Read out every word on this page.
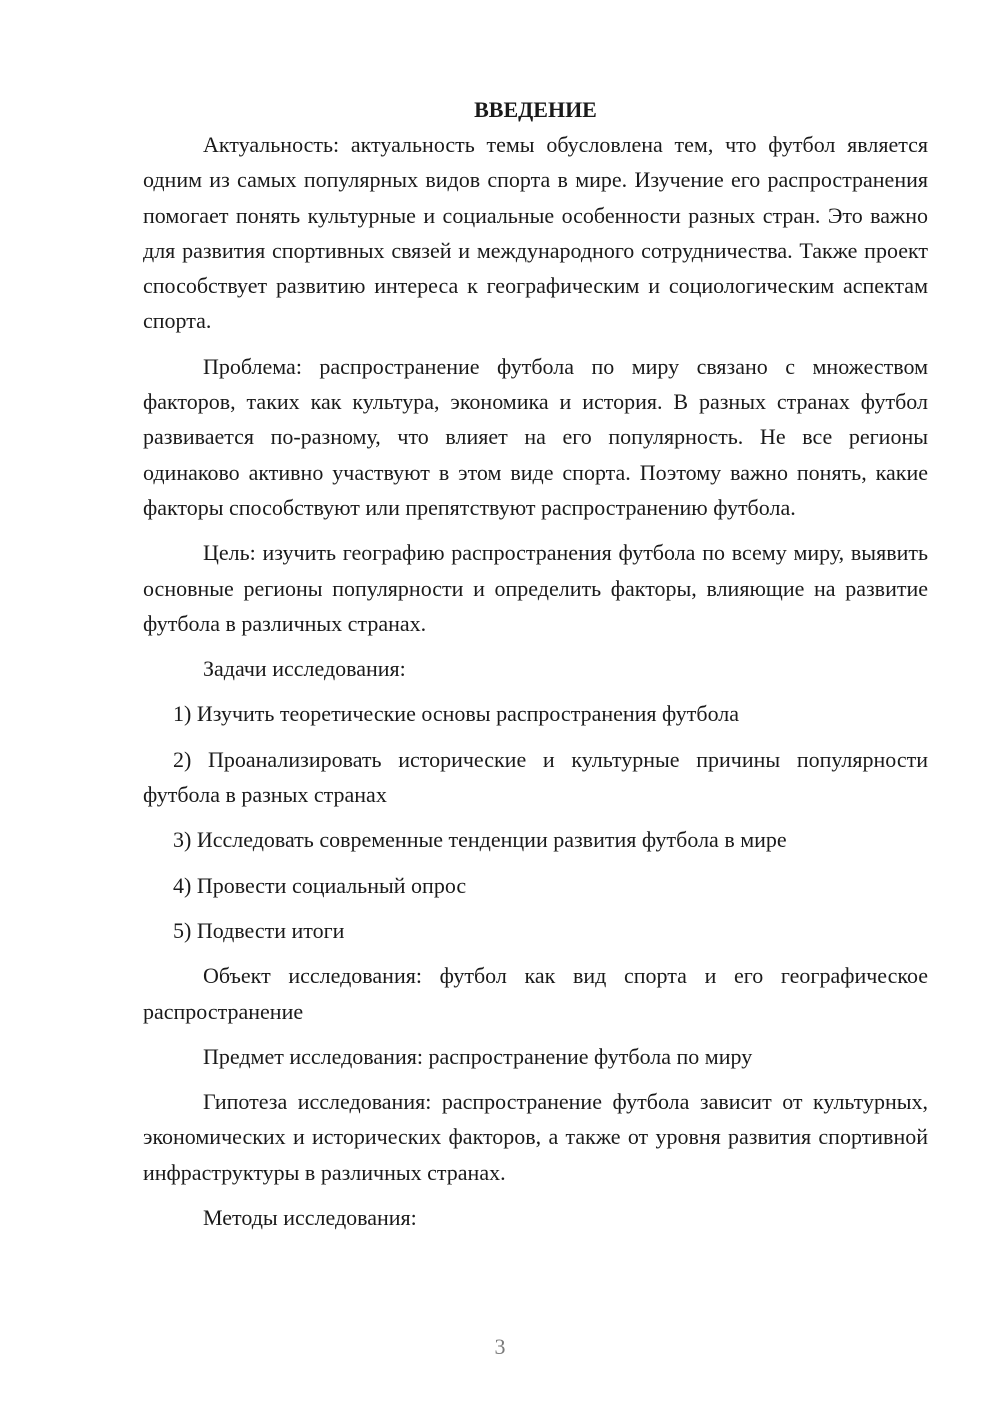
ВВЕДЕНИЕ

Актуальность: актуальность темы обусловлена тем, что футбол является одним из самых популярных видов спорта в мире. Изучение его распространения помогает понять культурные и социальные особенности разных стран. Это важно для развития спортивных связей и международного сотрудничества. Также проект способствует развитию интереса к географическим и социологическим аспектам спорта.

Проблема: распространение футбола по миру связано с множеством факторов, таких как культура, экономика и история. В разных странах футбол развивается по-разному, что влияет на его популярность. Не все регионы одинаково активно участвуют в этом виде спорта. Поэтому важно понять, какие факторы способствуют или препятствуют распространению футбола.

Цель: изучить географию распространения футбола по всему миру, выявить основные регионы популярности и определить факторы, влияющие на развитие футбола в различных странах.

Задачи исследования:

1) Изучить теоретические основы распространения футбола

2) Проанализировать исторические и культурные причины популярности футбола в разных странах

3) Исследовать современные тенденции развития футбола в мире

4) Провести социальный опрос

5) Подвести итоги

Объект исследования: футбол как вид спорта и его географическое распространение

Предмет исследования: распространение футбола по миру

Гипотеза исследования: распространение футбола зависит от культурных, экономических и исторических факторов, а также от уровня развития спортивной инфраструктуры в различных странах.

Методы исследования:

3
